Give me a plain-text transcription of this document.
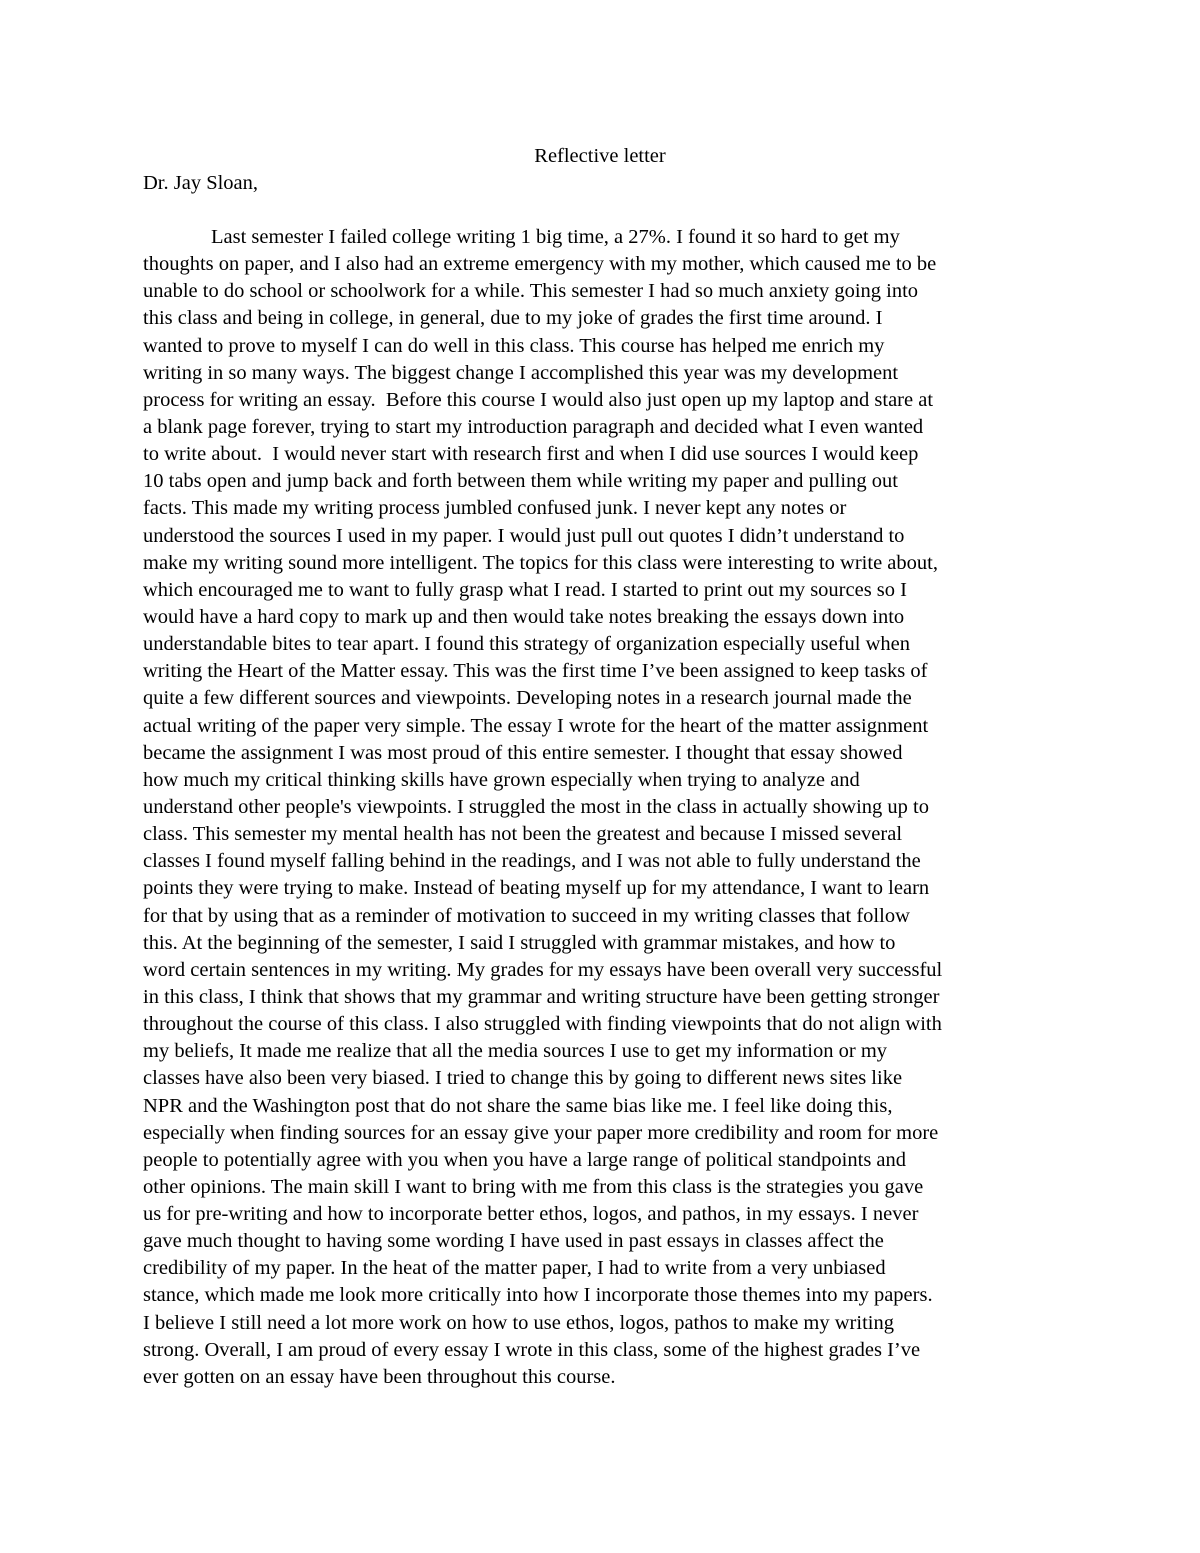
Reflective letter

Dr. Jay Sloan,

Last semester I failed college writing 1 big time, a 27%. I found it so hard to get my
thoughts on paper, and I also had an extreme emergency with my mother, which caused me to be
unable to do school or schoolwork for a while. This semester I had so much anxiety going into
this class and being in college, in general, due to my joke of grades the first time around. I
wanted to prove to myself I can do well in this class. This course has helped me enrich my
writing in so many ways. The biggest change I accomplished this year was my development
process for writing an essay.  Before this course I would also just open up my laptop and stare at
a blank page forever, trying to start my introduction paragraph and decided what I even wanted
to write about.  I would never start with research first and when I did use sources I would keep
10 tabs open and jump back and forth between them while writing my paper and pulling out
facts. This made my writing process jumbled confused junk. I never kept any notes or
understood the sources I used in my paper. I would just pull out quotes I didn’t understand to
make my writing sound more intelligent. The topics for this class were interesting to write about,
which encouraged me to want to fully grasp what I read. I started to print out my sources so I
would have a hard copy to mark up and then would take notes breaking the essays down into
understandable bites to tear apart. I found this strategy of organization especially useful when
writing the Heart of the Matter essay. This was the first time I’ve been assigned to keep tasks of
quite a few different sources and viewpoints. Developing notes in a research journal made the
actual writing of the paper very simple. The essay I wrote for the heart of the matter assignment
became the assignment I was most proud of this entire semester. I thought that essay showed
how much my critical thinking skills have grown especially when trying to analyze and
understand other people's viewpoints. I struggled the most in the class in actually showing up to
class. This semester my mental health has not been the greatest and because I missed several
classes I found myself falling behind in the readings, and I was not able to fully understand the
points they were trying to make. Instead of beating myself up for my attendance, I want to learn
for that by using that as a reminder of motivation to succeed in my writing classes that follow
this. At the beginning of the semester, I said I struggled with grammar mistakes, and how to
word certain sentences in my writing. My grades for my essays have been overall very successful
in this class, I think that shows that my grammar and writing structure have been getting stronger
throughout the course of this class. I also struggled with finding viewpoints that do not align with
my beliefs, It made me realize that all the media sources I use to get my information or my
classes have also been very biased. I tried to change this by going to different news sites like
NPR and the Washington post that do not share the same bias like me. I feel like doing this,
especially when finding sources for an essay give your paper more credibility and room for more
people to potentially agree with you when you have a large range of political standpoints and
other opinions. The main skill I want to bring with me from this class is the strategies you gave
us for pre-writing and how to incorporate better ethos, logos, and pathos, in my essays. I never
gave much thought to having some wording I have used in past essays in classes affect the
credibility of my paper. In the heat of the matter paper, I had to write from a very unbiased
stance, which made me look more critically into how I incorporate those themes into my papers.
I believe I still need a lot more work on how to use ethos, logos, pathos to make my writing
strong. Overall, I am proud of every essay I wrote in this class, some of the highest grades I’ve
ever gotten on an essay have been throughout this course.
